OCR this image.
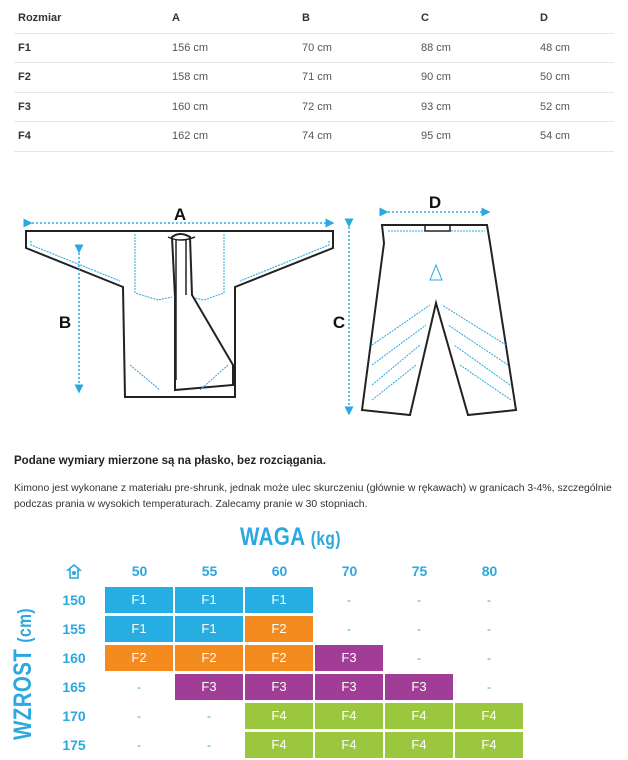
Rozmiar	A	B	C	D
F1	156 cm	70 cm	88 cm	48 cm
F2	158 cm	71 cm	90 cm	50 cm
F3	160 cm	72 cm	93 cm	52 cm
F4	162 cm	74 cm	95 cm	54 cm
A
B	C
D
Podane wymiary mierzone są na płasko, bez rozciągania.
Kimono jest wykonane z materiału pre-shrunk, jednak może ulec skurczeniu (głównie w rękawach) w granicach 3-4%, szczególnie podczas prania w wysokich temperaturach. Zalecamy pranie w 30 stopniach.
WAGA (kg)
WZROST (cm)
50	55	60	70	75	80
150	F1	F1	F1	-	-	-
155	F1	F1	F2	-	-	-
160	F2	F2	F2	F3	-	-
165	-	F3	F3	F3	F3	-
170	-	-	F4	F4	F4	F4
175	-	-	F4	F4	F4	F4
